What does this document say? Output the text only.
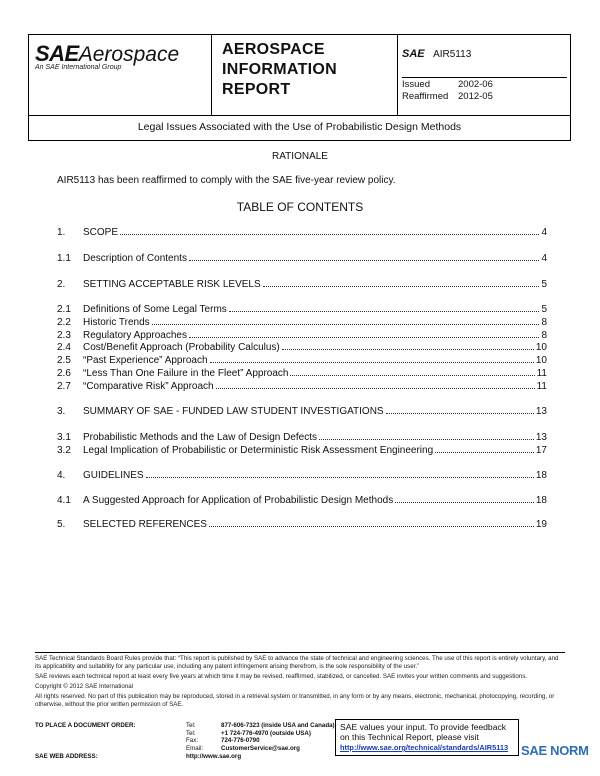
SAEAerospace
An SAE International Group
AEROSPACE
INFORMATION
REPORT
SAE AIR5113
Issued	2002-06
Reaffirmed 2012-05
Legal Issues Associated with the Use of Probabilistic Design Methods
RATIONALE
AIR5113 has been reaffirmed to comply with the SAE five-year review policy.
TABLE OF CONTENTS
1.	SCOPE	4
1.1	Description of Contents	4
2.	SETTING ACCEPTABLE RISK LEVELS	5
2.1	Definitions of Some Legal Terms	5
2.2	Historic Trends	8
2.3	Regulatory Approaches	8
2.4	Cost/Benefit Approach (Probability Calculus)	10
2.5	“Past Experience” Approach	10
2.6	“Less Than One Failure in the Fleet” Approach	11
2.7	“Comparative Risk” Approach	11
3.	SUMMARY OF SAE - FUNDED LAW STUDENT INVESTIGATIONS	13
3.1	Probabilistic Methods and the Law of Design Defects	13
3.2	Legal Implication of Probabilistic or Deterministic Risk Assessment Engineering	17
4.	GUIDELINES	18
4.1	A Suggested Approach for Application of Probabilistic Design Methods	18
5.	SELECTED REFERENCES	19
SAE Technical Standards Board Rules provide that: “This report is published by SAE to advance the state of technical and engineering sciences. The use of this report is entirely voluntary, and its applicability and suitability for any particular use, including any patent infringement arising therefrom, is the sole responsibility of the user.”
SAE reviews each technical report at least every five years at which time it may be revised, reaffirmed, stabilized, or cancelled. SAE invites your written comments and suggestions.
Copyright © 2012 SAE International
All rights reserved. No part of this publication may be reproduced, stored in a retrieval system or transmitted, in any form or by any means, electronic, mechanical, photocopying, recording, or otherwise, without the prior written permission of SAE.
TO PLACE A DOCUMENT ORDER:	Tel:	877-606-7323 (inside USA and Canada)
Tel:	+1 724-776-4970 (outside USA)
Fax:	724-776-0790
Email:	CustomerService@sae.org
SAE WEB ADDRESS:	http://www.sae.org
SAE values your input. To provide feedback
on this Technical Report, please visit
http://www.sae.org/technical/standards/AIR5113 SAE NORM
